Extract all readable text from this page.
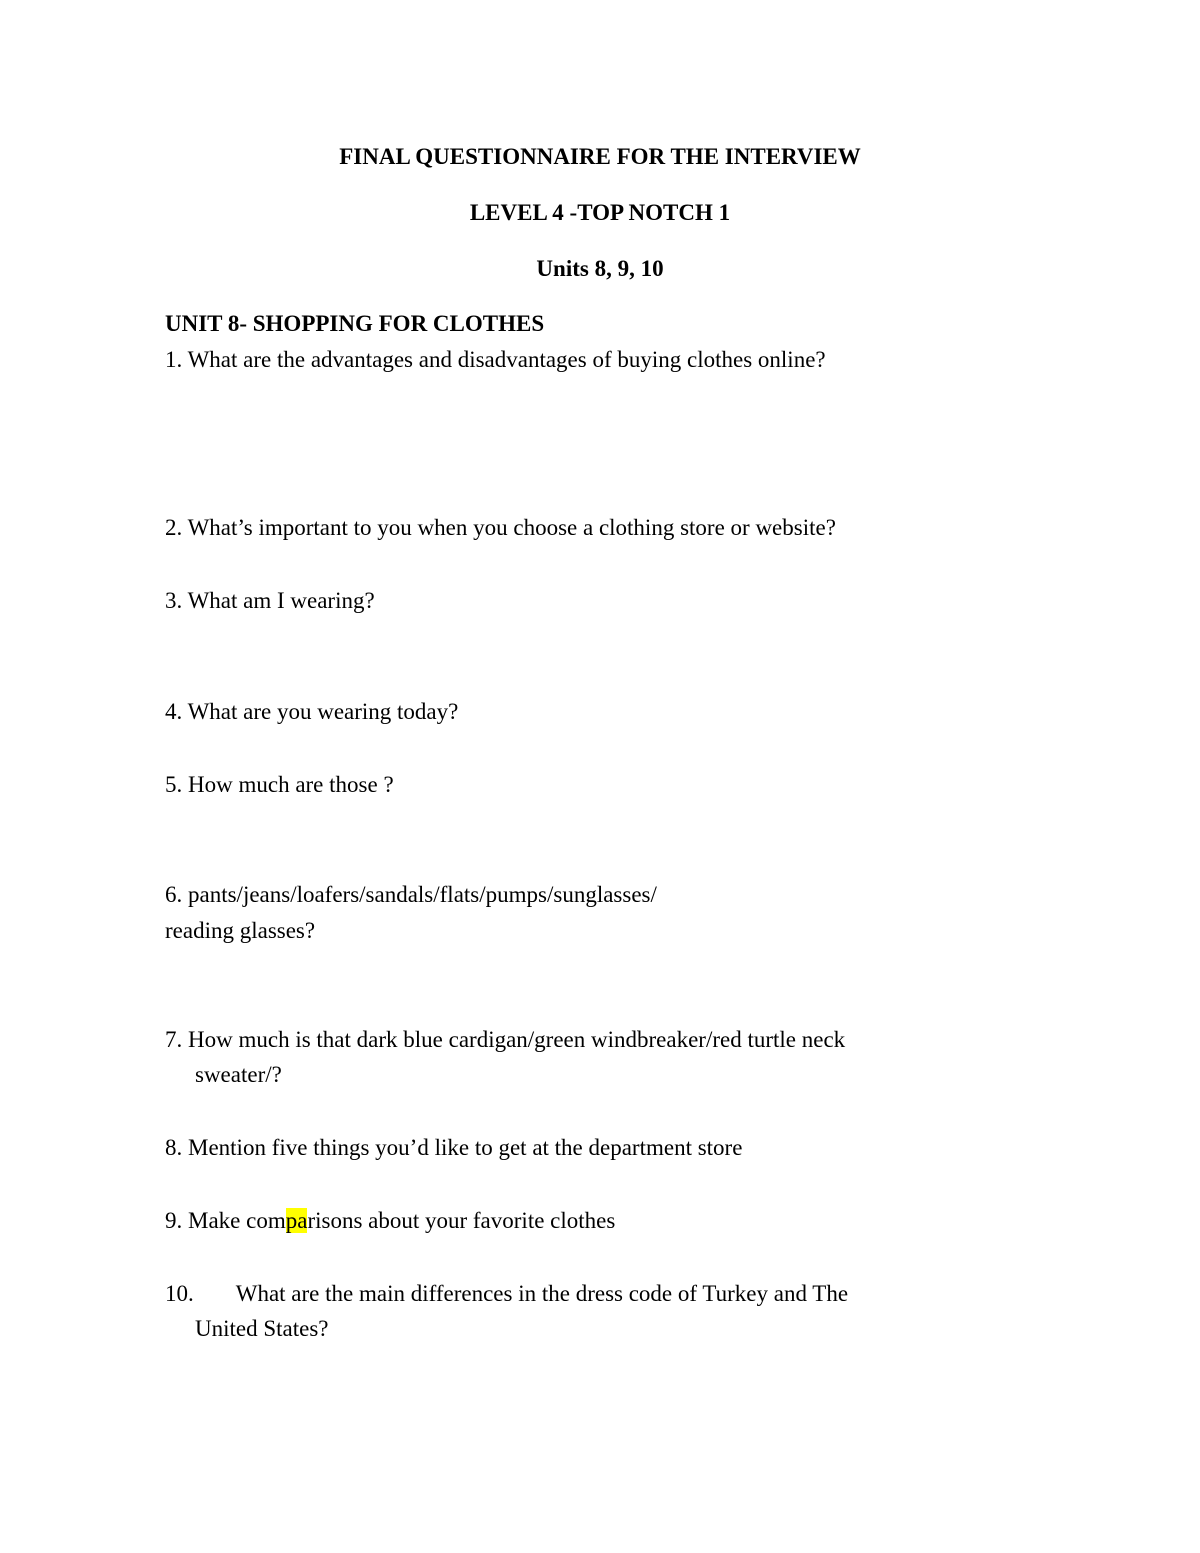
FINAL QUESTIONNAIRE FOR THE INTERVIEW
LEVEL 4 -TOP NOTCH 1
Units 8, 9, 10
UNIT 8- SHOPPING FOR CLOTHES
1. What are the advantages and disadvantages of buying clothes online?
2. What’s important to you when you choose a clothing store or website?
3. What am I wearing?
4. What are you wearing today?
5. How much are those ?
6. pants/jeans/loafers/sandals/flats/pumps/sunglasses/
reading glasses?
7. How much is that dark blue cardigan/green windbreaker/red turtle neck
sweater/?
8. Mention five things you’d like to get at the department store
9. Make comparisons about your favorite clothes
10. What are the main differences in the dress code of Turkey and The
United States?
